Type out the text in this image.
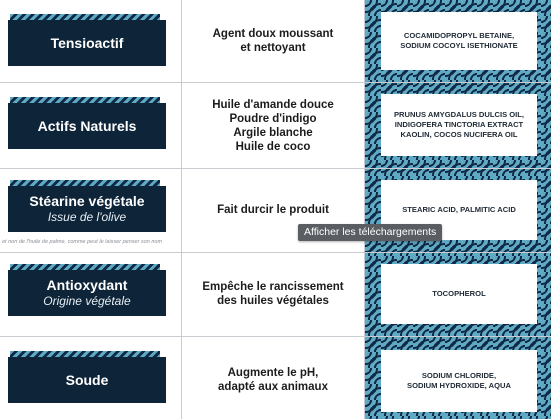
Tensioactif
Agent doux moussant
et nettoyant
COCAMIDOPROPYL BETAINE,
SODIUM COCOYL ISETHIONATE
Actifs Naturels
Huile d'amande douce
Poudre d'indigo
Argile blanche
Huile de coco
PRUNUS AMYGDALUS DULCIS OIL,
INDIGOFERA TINCTORIA EXTRACT
KAOLIN, COCOS NUCIFERA OIL
Stéarine végétale
Issue de l'olive
et non de l'huile de palme, comme peut le laisser penser son nom
Fait durcir le produit	STEARIC ACID, PALMITIC ACID
Antioxydant
Origine végétale
Empêche le rancissement
des huiles végétales
TOCOPHEROL
Soude	Augmente le pH,
adapté aux animaux
SODIUM CHLORIDE,
SODIUM HYDROXIDE, AQUA
Afficher les téléchargements
